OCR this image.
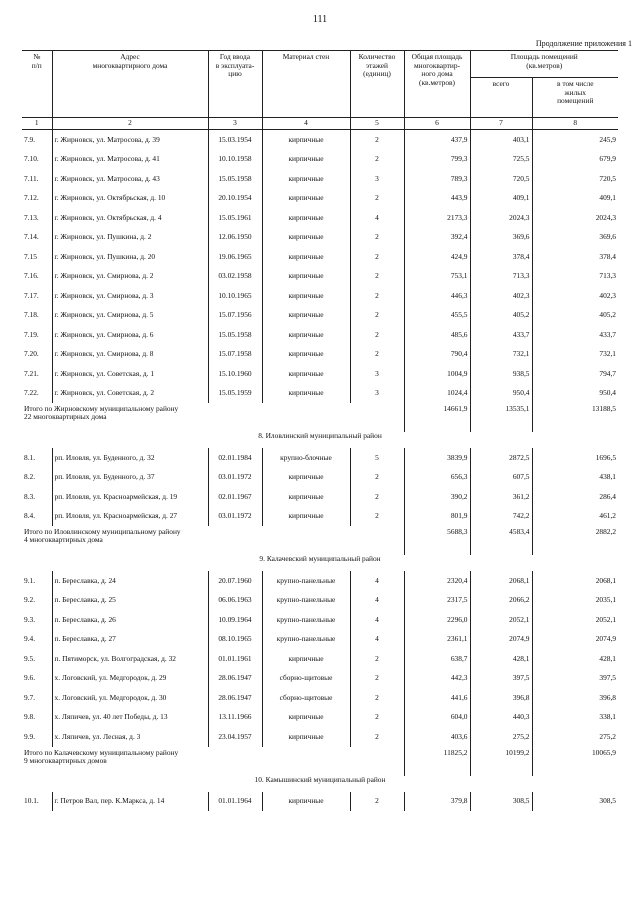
111
Продолжение приложения 1
№
п/п	Адрес
многоквартирного дома	Год ввода
в эксплуата-
цию	Материал стен	Количество
этажей
(единиц)	Общая площадь
многоквартир-
ного дома
(кв.метров)	Площадь помещений
(кв.метров)	
						всего	в том числе
жилых
помещений
1	2	3	4	5	6	7	8
7.9.	г. Жирновск, ул. Матросова, д. 39	15.03.1954	кирпичные	2	437,9	403,1	245,9
7.10.	г. Жирновск, ул. Матросова, д. 41	10.10.1958	кирпичные	2	799,3	725,5	679,9
7.11.	г. Жирновск, ул. Матросова, д. 43	15.05.1958	кирпичные	3	789,3	720,5	720,5
7.12.	г. Жирновск, ул. Октябрьская, д. 10	20.10.1954	кирпичные	2	443,9	409,1	409,1
7.13.	г. Жирновск, ул. Октябрьская, д. 4	15.05.1961	кирпичные	4	2173,3	2024,3	2024,3
7.14.	г. Жирновск, ул. Пушкина, д. 2	12.06.1950	кирпичные	2	392,4	369,6	369,6
7.15	г. Жирновск, ул. Пушкина, д. 20	19.06.1965	кирпичные	2	424,9	378,4	378,4
7.16.	г. Жирновск, ул. Смирнова, д. 2	03.02.1958	кирпичные	2	753,1	713,3	713,3
7.17.	г. Жирновск, ул. Смирнова, д. 3	10.10.1965	кирпичные	2	446,3	402,3	402,3
7.18.	г. Жирновск, ул. Смирнова, д. 5	15.07.1956	кирпичные	2	455,5	405,2	405,2
7.19.	г. Жирновск, ул. Смирнова, д. 6	15.05.1958	кирпичные	2	485,6	433,7	433,7
7.20.	г. Жирновск, ул. Смирнова, д. 8	15.07.1958	кирпичные	2	790,4	732,1	732,1
7.21.	г. Жирновск, ул. Советская, д. 1	15.10.1960	кирпичные	3	1004,9	938,5	794,7
7.22.	г. Жирновск, ул. Советская, д. 2	15.05.1959	кирпичные	3	1024,4	950,4	950,4
Итого по Жирновскому муниципальному району
22 многоквартирных дома					14661,9	13535,1	13188,5
8. Иловлинский муниципальный район							
8.1.	рп. Иловля, ул. Буденного, д. 32	02.01.1984	крупно-блочные	5	3839,9	2872,5	1696,5
8.2.	рп. Иловля, ул. Буденного, д. 37	03.01.1972	кирпичные	2	656,3	607,5	438,1
8.3.	рп. Иловля, ул. Красноармейская, д. 19	02.01.1967	кирпичные	2	390,2	361,2	286,4
8.4.	рп. Иловля, ул. Красноармейская, д. 27	03.01.1972	кирпичные	2	801,9	742,2	461,2
Итого по Иловлинскому муниципальному району
4 многоквартирных дома					5688,3	4583,4	2882,2
9. Калачевский муниципальный район							
9.1.	п. Береславка, д. 24	20.07.1960	крупно-панельные	4	2320,4	2068,1	2068,1
9.2.	п. Береславка, д. 25	06.06.1963	крупно-панельные	4	2317,5	2066,2	2035,1
9.3.	п. Береславка, д. 26	10.09.1964	крупно-панельные	4	2296,0	2052,1	2052,1
9.4.	п. Береславка, д. 27	08.10.1965	крупно-панельные	4	2361,1	2074,9	2074,9
9.5.	п. Пятиморск, ул. Волгоградская, д. 32	01.01.1961	кирпичные	2	638,7	428,1	428,1
9.6.	х. Логовский, ул. Медгородок, д. 29	28.06.1947	сборно-щитовые	2	442,3	397,5	397,5
9.7.	х. Логовский, ул. Медгородок, д. 30	28.06.1947	сборно-щитовые	2	441,6	396,8	396,8
9.8.	х. Ляпичев, ул. 40 лет Победы, д. 13	13.11.1966	кирпичные	2	604,0	440,3	338,1
9.9.	х. Ляпичев, ул. Лесная, д. 3	23.04.1957	кирпичные	2	403,6	275,2	275,2
Итого по Калачевскому муниципальному району
9 многоквартирных домов					11825,2	10199,2	10065,9
10. Камышинский муниципальный район							
10.1.	г. Петров Вал, пер. К.Маркса, д. 14	01.01.1964	кирпичные	2	379,8	308,5	308,5
